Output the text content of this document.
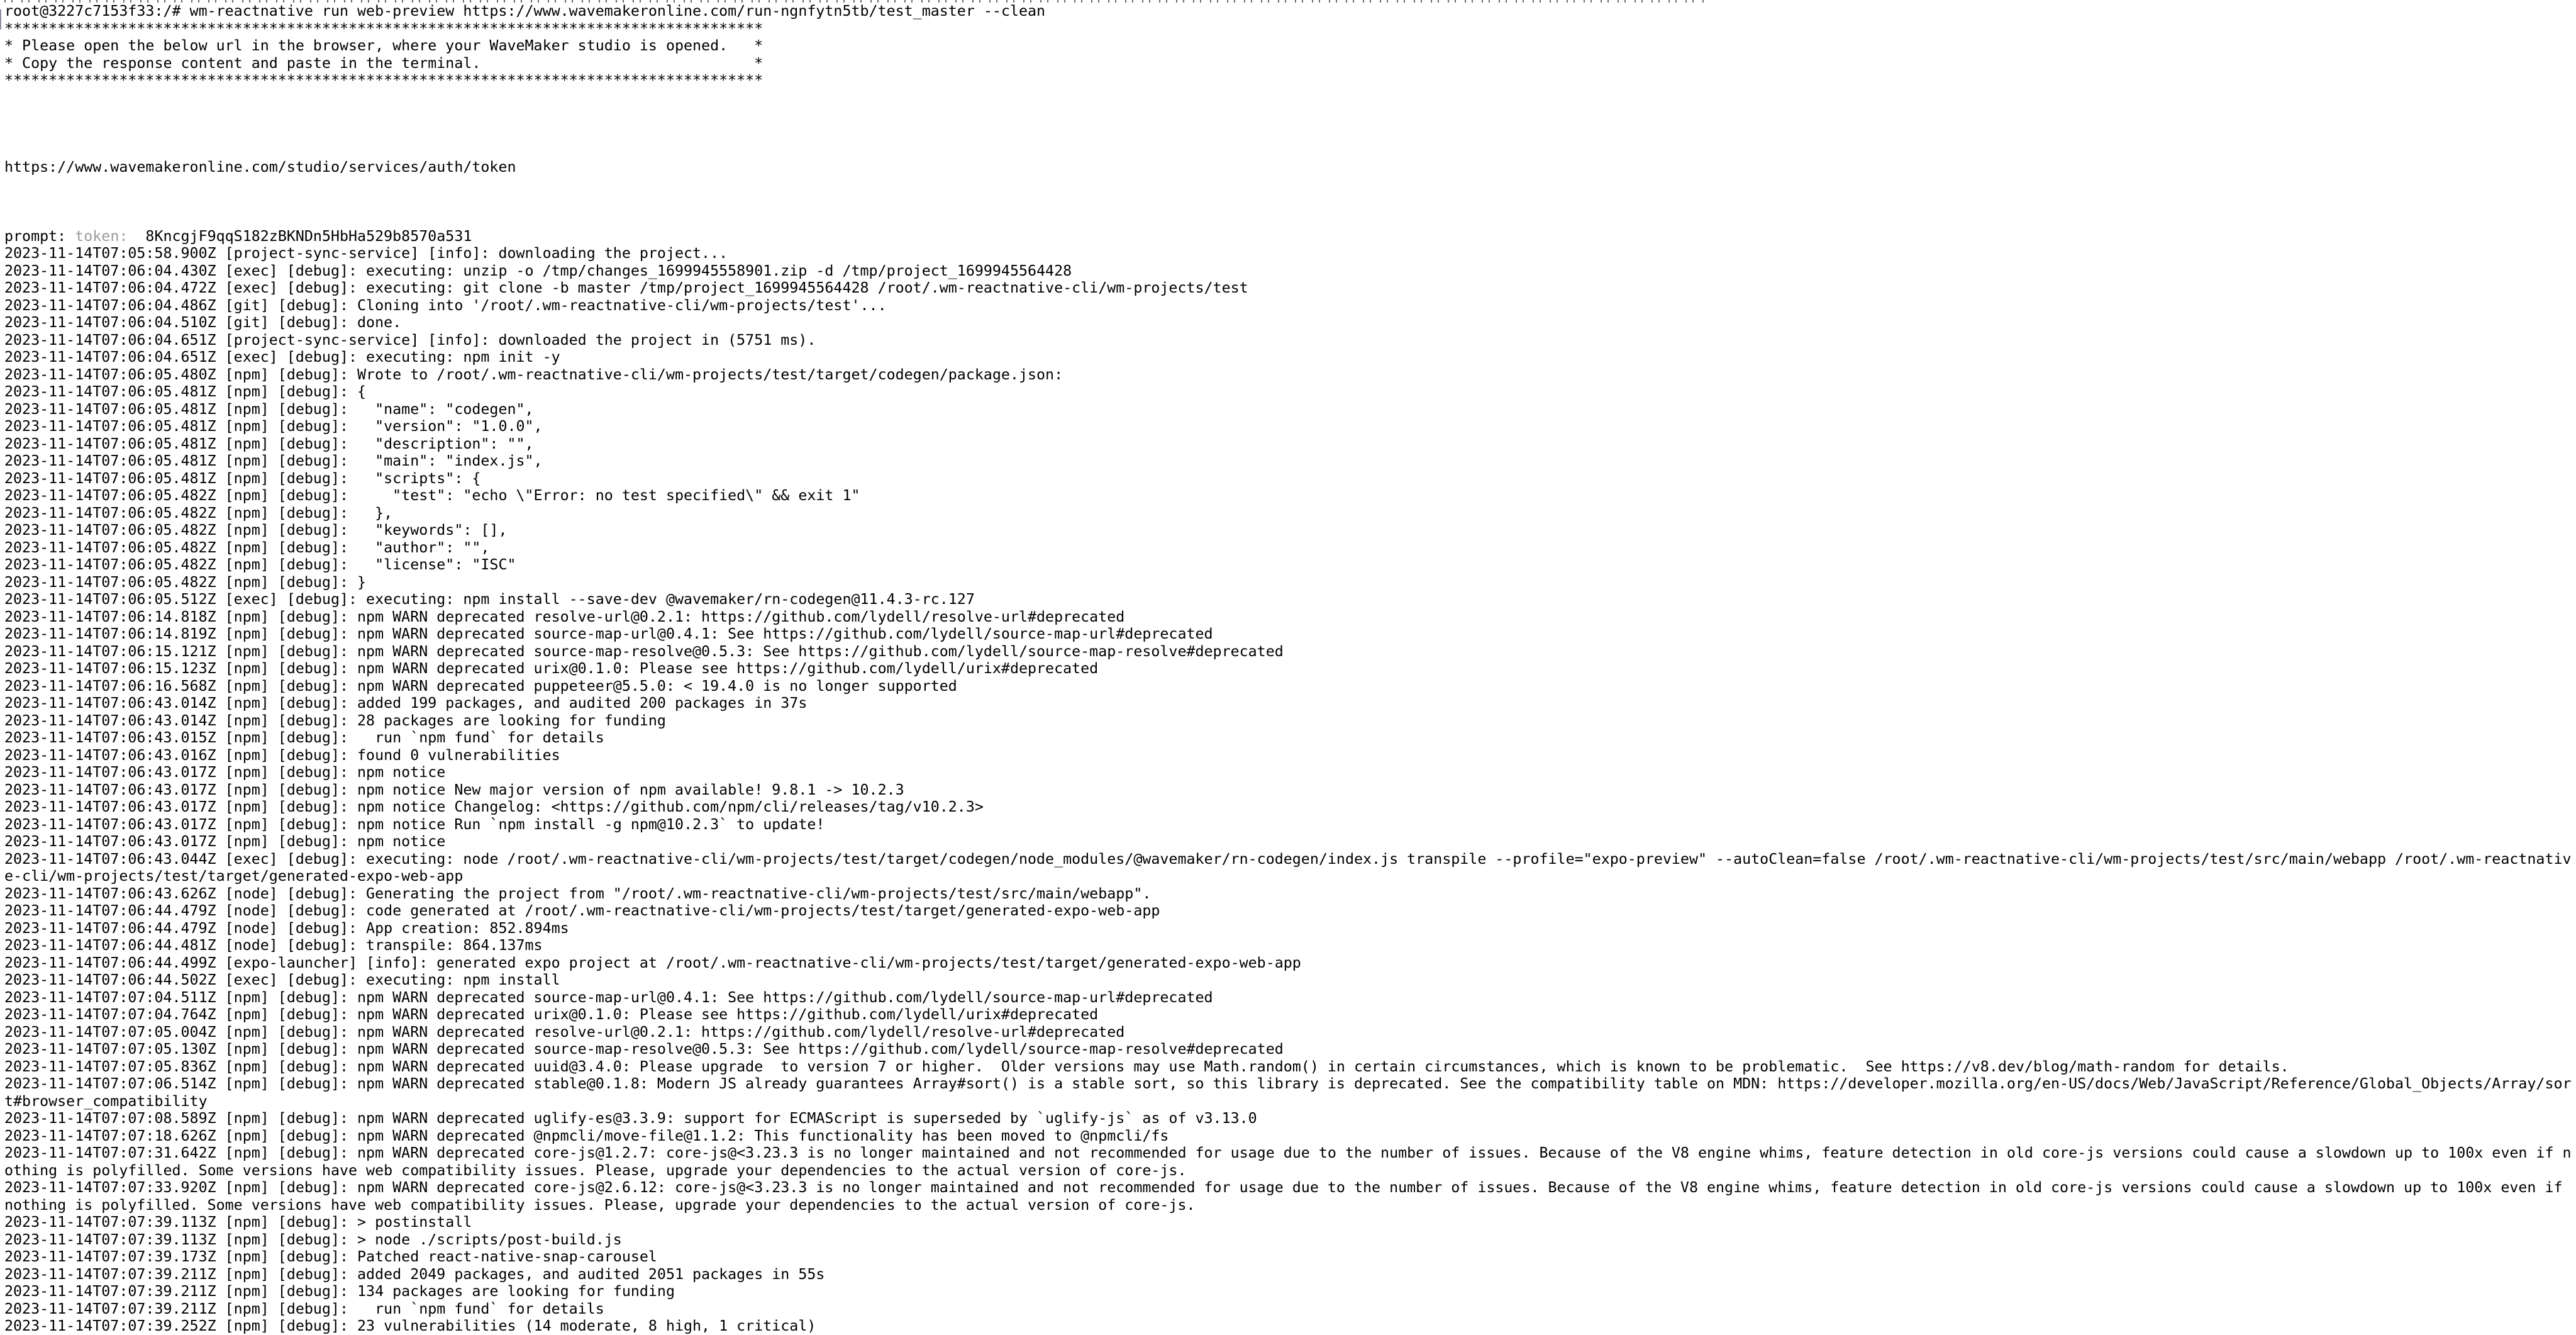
root@3227c7153f33:/# wm-reactnative run web-preview https://www.wavemakeronline.com/run-ngnfytn5tb/test_master --clean
**************************************************************************************
* Please open the below url in the browser, where your WaveMaker studio is opened.   *
* Copy the response content and paste in the terminal.                               *
**************************************************************************************
https://www.wavemakeronline.com/studio/services/auth/token
prompt: token:  8KncgjF9qqS182zBKNDn5HbHa529b8570a531
2023-11-14T07:05:58.900Z [project-sync-service] [info]: downloading the project...
2023-11-14T07:06:04.430Z [exec] [debug]: executing: unzip -o /tmp/changes_1699945558901.zip -d /tmp/project_1699945564428
2023-11-14T07:06:04.472Z [exec] [debug]: executing: git clone -b master /tmp/project_1699945564428 /root/.wm-reactnative-cli/wm-projects/test
2023-11-14T07:06:04.486Z [git] [debug]: Cloning into '/root/.wm-reactnative-cli/wm-projects/test'...
2023-11-14T07:06:04.510Z [git] [debug]: done.
2023-11-14T07:06:04.651Z [project-sync-service] [info]: downloaded the project in (5751 ms).
2023-11-14T07:06:04.651Z [exec] [debug]: executing: npm init -y
2023-11-14T07:06:05.480Z [npm] [debug]: Wrote to /root/.wm-reactnative-cli/wm-projects/test/target/codegen/package.json:
2023-11-14T07:06:05.481Z [npm] [debug]: {
2023-11-14T07:06:05.481Z [npm] [debug]:   "name": "codegen",
2023-11-14T07:06:05.481Z [npm] [debug]:   "version": "1.0.0",
2023-11-14T07:06:05.481Z [npm] [debug]:   "description": "",
2023-11-14T07:06:05.481Z [npm] [debug]:   "main": "index.js",
2023-11-14T07:06:05.481Z [npm] [debug]:   "scripts": {
2023-11-14T07:06:05.482Z [npm] [debug]:     "test": "echo \"Error: no test specified\" && exit 1"
2023-11-14T07:06:05.482Z [npm] [debug]:   },
2023-11-14T07:06:05.482Z [npm] [debug]:   "keywords": [],
2023-11-14T07:06:05.482Z [npm] [debug]:   "author": "",
2023-11-14T07:06:05.482Z [npm] [debug]:   "license": "ISC"
2023-11-14T07:06:05.482Z [npm] [debug]: }
2023-11-14T07:06:05.512Z [exec] [debug]: executing: npm install --save-dev @wavemaker/rn-codegen@11.4.3-rc.127
2023-11-14T07:06:14.818Z [npm] [debug]: npm WARN deprecated resolve-url@0.2.1: https://github.com/lydell/resolve-url#deprecated
2023-11-14T07:06:14.819Z [npm] [debug]: npm WARN deprecated source-map-url@0.4.1: See https://github.com/lydell/source-map-url#deprecated
2023-11-14T07:06:15.121Z [npm] [debug]: npm WARN deprecated source-map-resolve@0.5.3: See https://github.com/lydell/source-map-resolve#deprecated
2023-11-14T07:06:15.123Z [npm] [debug]: npm WARN deprecated urix@0.1.0: Please see https://github.com/lydell/urix#deprecated
2023-11-14T07:06:16.568Z [npm] [debug]: npm WARN deprecated puppeteer@5.5.0: < 19.4.0 is no longer supported
2023-11-14T07:06:43.014Z [npm] [debug]: added 199 packages, and audited 200 packages in 37s
2023-11-14T07:06:43.014Z [npm] [debug]: 28 packages are looking for funding
2023-11-14T07:06:43.015Z [npm] [debug]:   run `npm fund` for details
2023-11-14T07:06:43.016Z [npm] [debug]: found 0 vulnerabilities
2023-11-14T07:06:43.017Z [npm] [debug]: npm notice
2023-11-14T07:06:43.017Z [npm] [debug]: npm notice New major version of npm available! 9.8.1 -> 10.2.3
2023-11-14T07:06:43.017Z [npm] [debug]: npm notice Changelog: <https://github.com/npm/cli/releases/tag/v10.2.3>
2023-11-14T07:06:43.017Z [npm] [debug]: npm notice Run `npm install -g npm@10.2.3` to update!
2023-11-14T07:06:43.017Z [npm] [debug]: npm notice
2023-11-14T07:06:43.044Z [exec] [debug]: executing: node /root/.wm-reactnative-cli/wm-projects/test/target/codegen/node_modules/@wavemaker/rn-codegen/index.js transpile --profile="expo-preview" --autoClean=false /root/.wm-reactnative-cli/wm-projects/test/src/main/webapp /root/.wm-reactnativ
e-cli/wm-projects/test/target/generated-expo-web-app
2023-11-14T07:06:43.626Z [node] [debug]: Generating the project from "/root/.wm-reactnative-cli/wm-projects/test/src/main/webapp".
2023-11-14T07:06:44.479Z [node] [debug]: code generated at /root/.wm-reactnative-cli/wm-projects/test/target/generated-expo-web-app
2023-11-14T07:06:44.479Z [node] [debug]: App creation: 852.894ms
2023-11-14T07:06:44.481Z [node] [debug]: transpile: 864.137ms
2023-11-14T07:06:44.499Z [expo-launcher] [info]: generated expo project at /root/.wm-reactnative-cli/wm-projects/test/target/generated-expo-web-app
2023-11-14T07:06:44.502Z [exec] [debug]: executing: npm install
2023-11-14T07:07:04.511Z [npm] [debug]: npm WARN deprecated source-map-url@0.4.1: See https://github.com/lydell/source-map-url#deprecated
2023-11-14T07:07:04.764Z [npm] [debug]: npm WARN deprecated urix@0.1.0: Please see https://github.com/lydell/urix#deprecated
2023-11-14T07:07:05.004Z [npm] [debug]: npm WARN deprecated resolve-url@0.2.1: https://github.com/lydell/resolve-url#deprecated
2023-11-14T07:07:05.130Z [npm] [debug]: npm WARN deprecated source-map-resolve@0.5.3: See https://github.com/lydell/source-map-resolve#deprecated
2023-11-14T07:07:05.836Z [npm] [debug]: npm WARN deprecated uuid@3.4.0: Please upgrade  to version 7 or higher.  Older versions may use Math.random() in certain circumstances, which is known to be problematic.  See https://v8.dev/blog/math-random for details.
2023-11-14T07:07:06.514Z [npm] [debug]: npm WARN deprecated stable@0.1.8: Modern JS already guarantees Array#sort() is a stable sort, so this library is deprecated. See the compatibility table on MDN: https://developer.mozilla.org/en-US/docs/Web/JavaScript/Reference/Global_Objects/Array/sor
t#browser_compatibility
2023-11-14T07:07:08.589Z [npm] [debug]: npm WARN deprecated uglify-es@3.3.9: support for ECMAScript is superseded by `uglify-js` as of v3.13.0
2023-11-14T07:07:18.626Z [npm] [debug]: npm WARN deprecated @npmcli/move-file@1.1.2: This functionality has been moved to @npmcli/fs
2023-11-14T07:07:31.642Z [npm] [debug]: npm WARN deprecated core-js@1.2.7: core-js@<3.23.3 is no longer maintained and not recommended for usage due to the number of issues. Because of the V8 engine whims, feature detection in old core-js versions could cause a slowdown up to 100x even if n
othing is polyfilled. Some versions have web compatibility issues. Please, upgrade your dependencies to the actual version of core-js.
2023-11-14T07:07:33.920Z [npm] [debug]: npm WARN deprecated core-js@2.6.12: core-js@<3.23.3 is no longer maintained and not recommended for usage due to the number of issues. Because of the V8 engine whims, feature detection in old core-js versions could cause a slowdown up to 100x even if
nothing is polyfilled. Some versions have web compatibility issues. Please, upgrade your dependencies to the actual version of core-js.
2023-11-14T07:07:39.113Z [npm] [debug]: > postinstall
2023-11-14T07:07:39.113Z [npm] [debug]: > node ./scripts/post-build.js
2023-11-14T07:07:39.173Z [npm] [debug]: Patched react-native-snap-carousel
2023-11-14T07:07:39.211Z [npm] [debug]: added 2049 packages, and audited 2051 packages in 55s
2023-11-14T07:07:39.211Z [npm] [debug]: 134 packages are looking for funding
2023-11-14T07:07:39.211Z [npm] [debug]:   run `npm fund` for details
2023-11-14T07:07:39.252Z [npm] [debug]: 23 vulnerabilities (14 moderate, 8 high, 1 critical)
